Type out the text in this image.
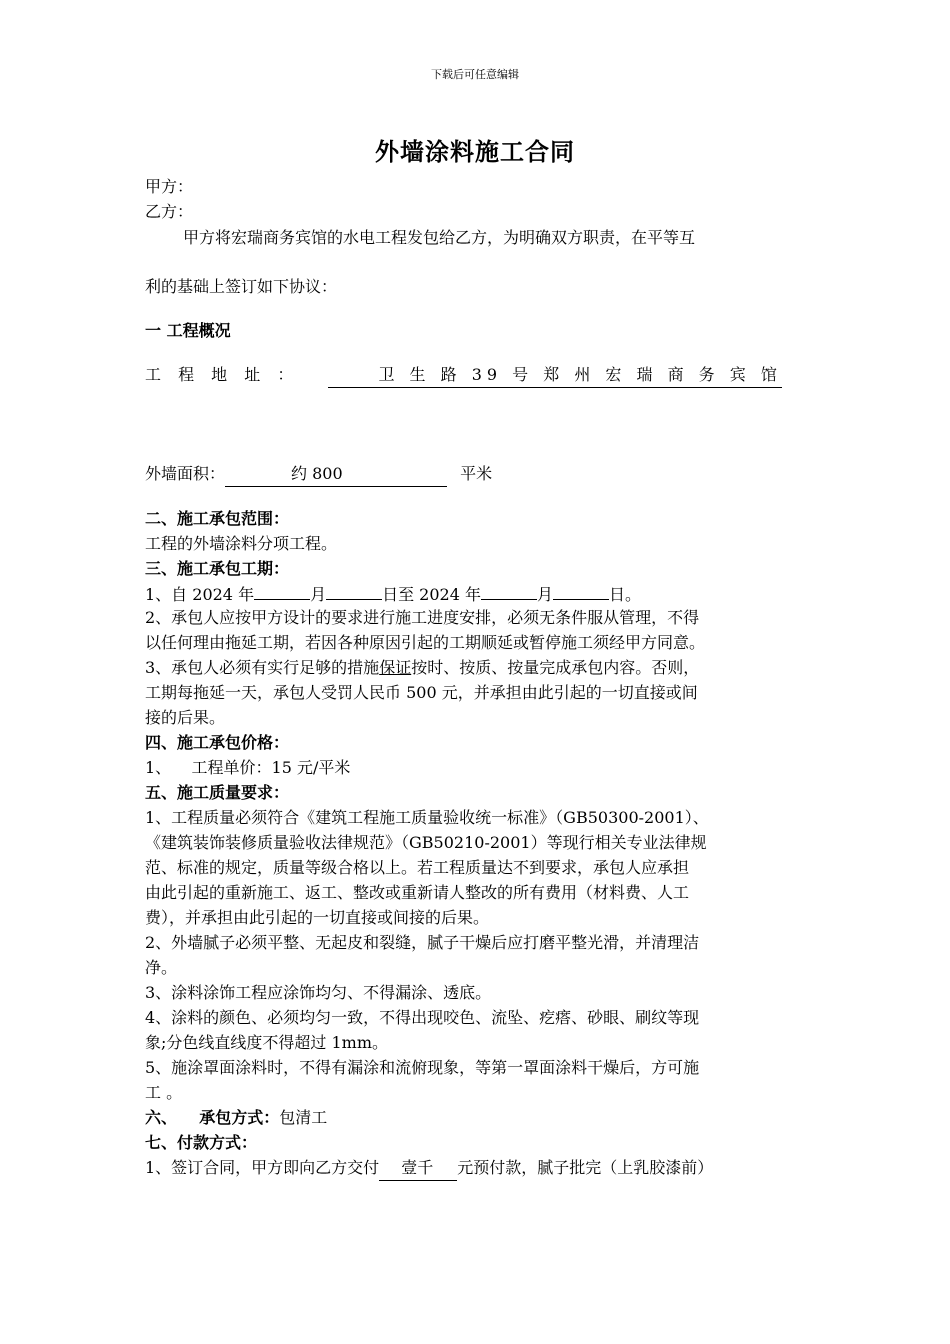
下载后可任意编辑
外墙涂料施工合同
甲方：
乙方：
甲方将宏瑞商务宾馆的水电工程发包给乙方，为明确双方职责，在平等互
利的基础上签订如下协议：
一 工程概况
工 程 地 址 ：	卫 生 路 39 号 郑 州 宏 瑞 商 务 宾 馆
外墙面积：	约 800	平米
二、施工承包范围：
工程的外墙涂料分项工程。
三、施工承包工期：
1、自 2024 年	月	日至 2024 年	月	日。
2、承包人应按甲方设计的要求进行施工进度安排，必须无条件服从管理，不得
以任何理由拖延工期，若因各种原因引起的工期顺延或暂停施工须经甲方同意。
3、承包人必须有实行足够的措施保证按时、按质、按量完成承包内容。否则，
工期每拖延一天，承包人受罚人民币 500 元，并承担由此引起的一切直接或间
接的后果。
四、施工承包价格：
1、    工程单价：15 元/平米
五、施工质量要求：
1、工程质量必须符合《建筑工程施工质量验收统一标准》（GB50300-2001）、
《建筑装饰装修质量验收法律规范》（GB50210-2001）等现行相关专业法律规
范、标准的规定，质量等级合格以上。若工程质量达不到要求，承包人应承担
由此引起的重新施工、返工、整改或重新请人整改的所有费用（材料费、人工
费），并承担由此引起的一切直接或间接的后果。
2、外墙腻子必须平整、无起皮和裂缝，腻子干燥后应打磨平整光滑，并清理洁
净。
3、涂料涂饰工程应涂饰均匀、不得漏涂、透底。
4、涂料的颜色、必须均匀一致，不得出现咬色、流坠、疙瘩、砂眼、刷纹等现
象;分色线直线度不得超过 1mm。
5、施涂罩面涂料时，不得有漏涂和流俯现象，等第一罩面涂料干燥后，方可施
工 。
六、    承包方式：包清工
七、付款方式：
1、签订合同，甲方即向乙方交付 壹千 元预付款，腻子批完（上乳胶漆前）
